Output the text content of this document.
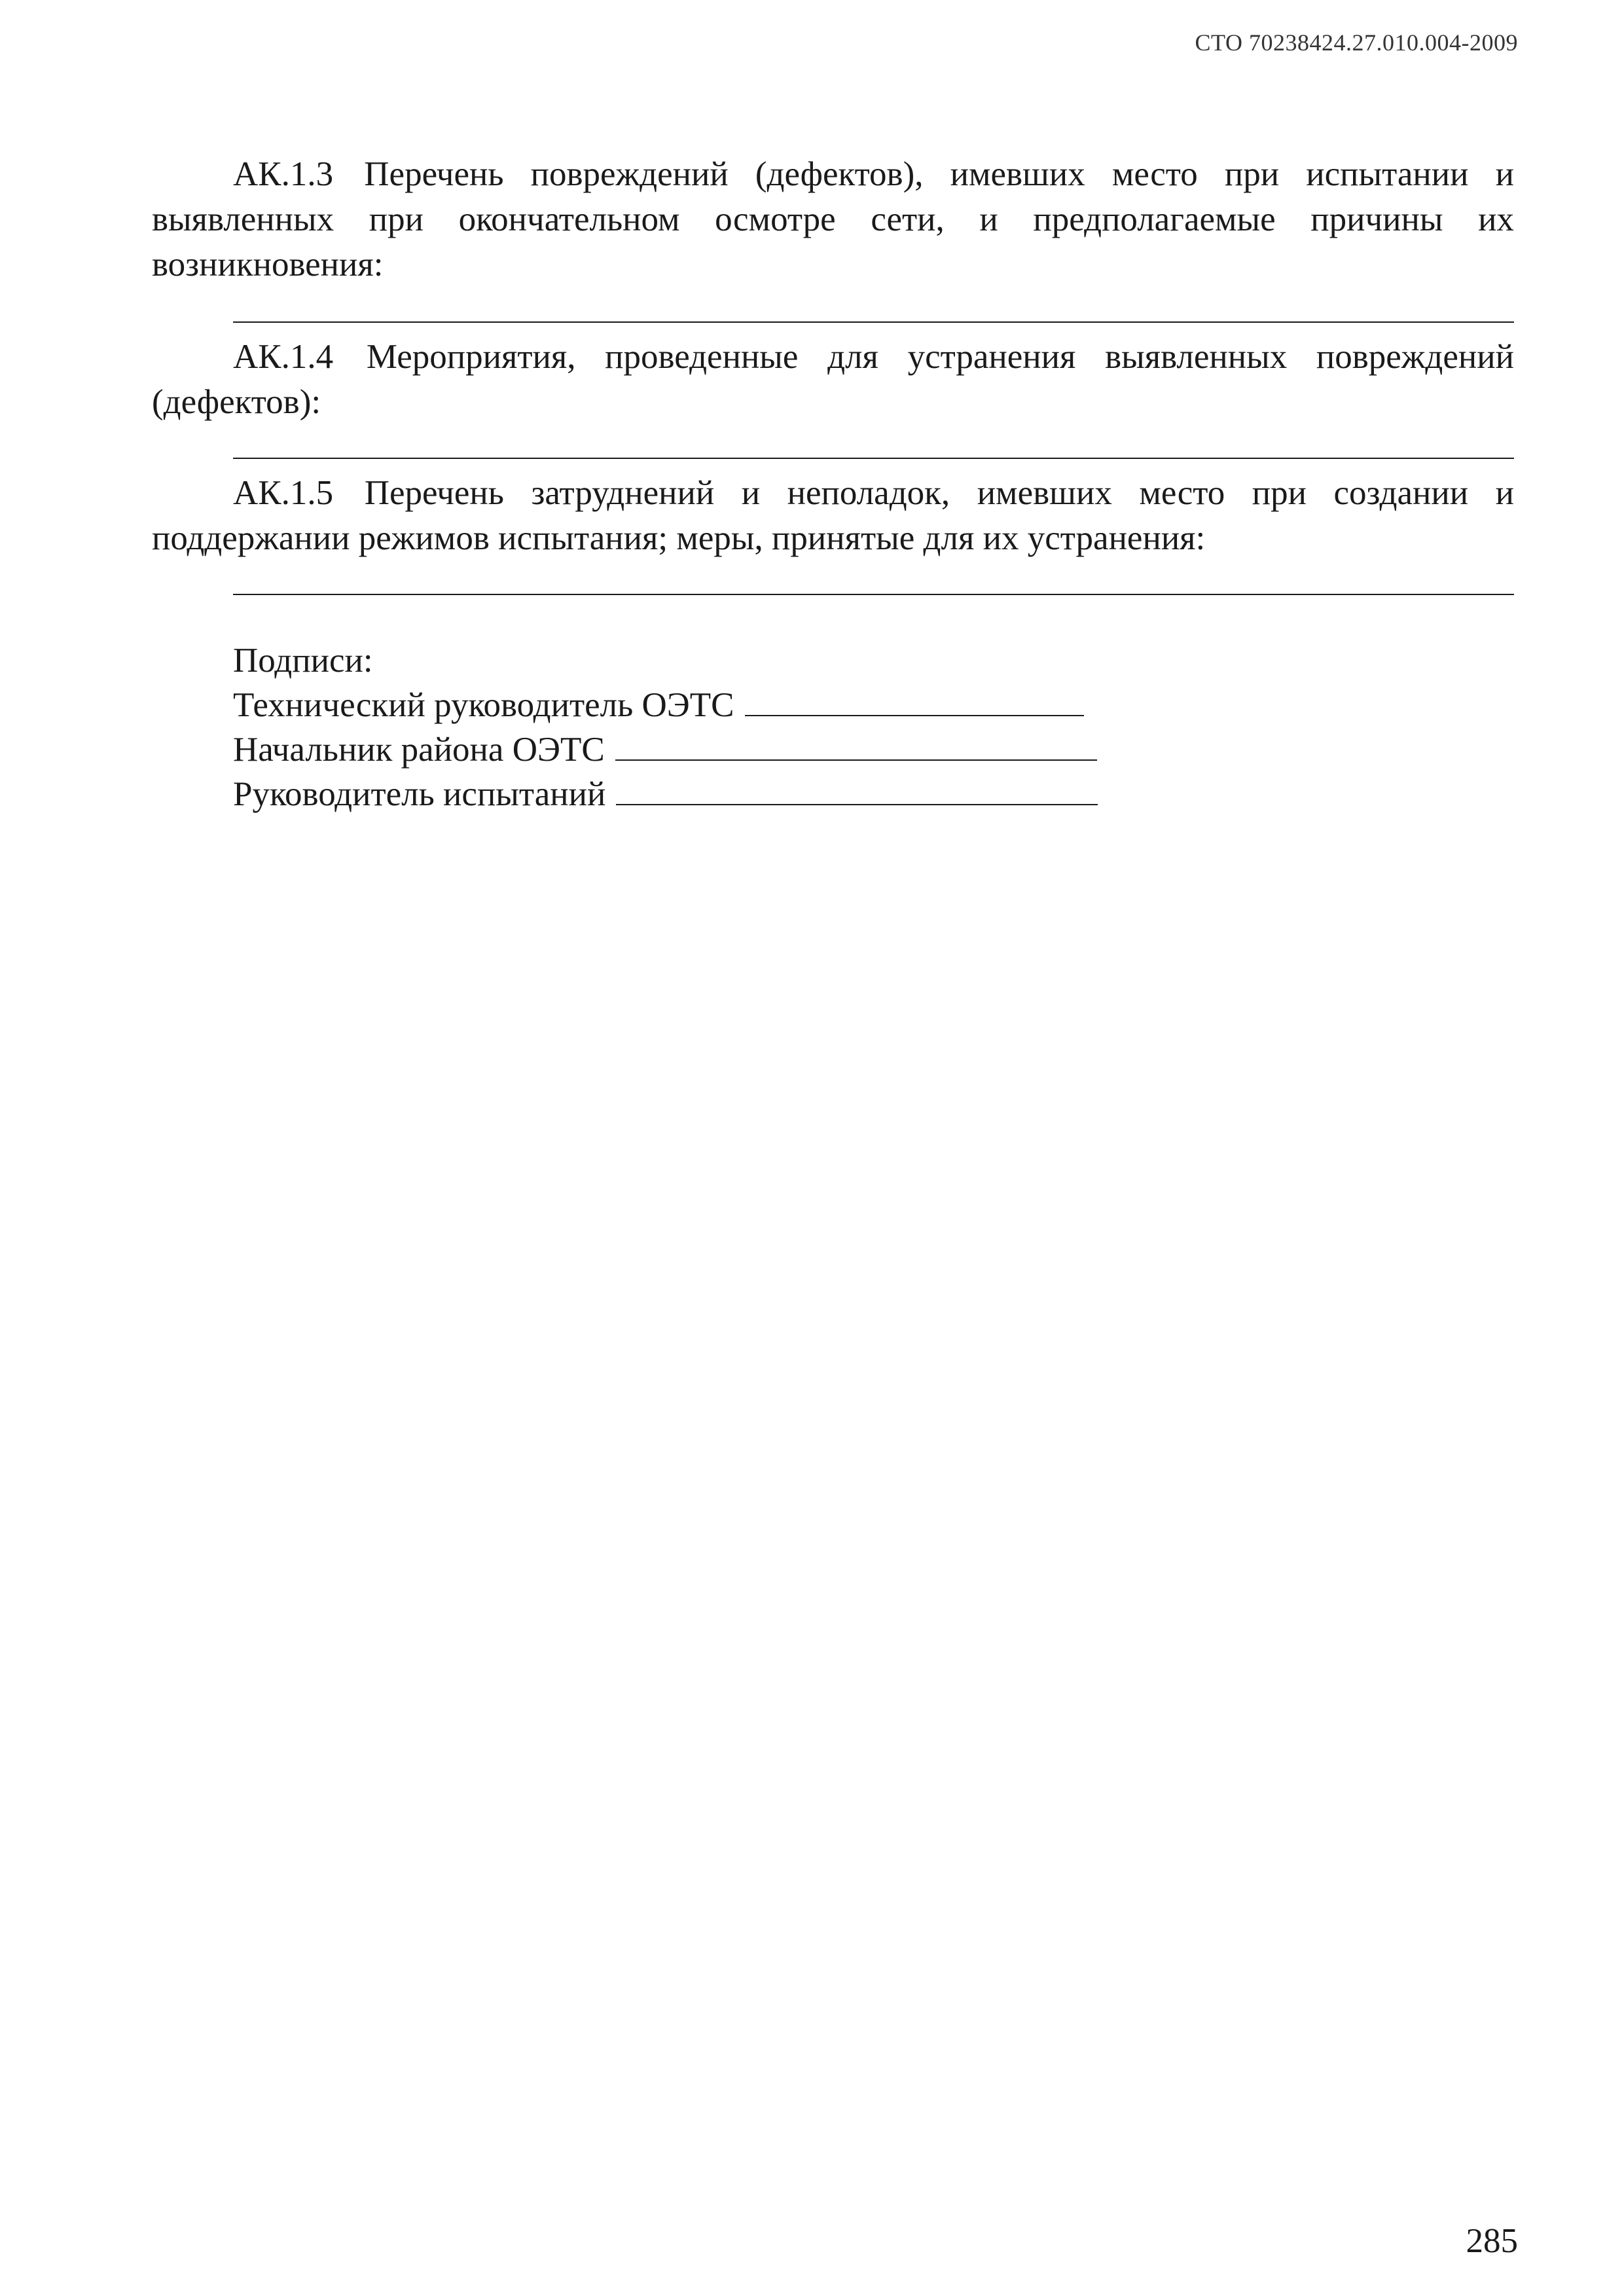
СТО 70238424.27.010.004-2009

АК.1.3 Перечень повреждений (дефектов), имевших место при испытании и выявленных при окончательном осмотре сети, и предполагаемые причины их возникновения:

АК.1.4 Мероприятия, проведенные для устранения выявленных повреждений (дефектов):

АК.1.5 Перечень затруднений и неполадок, имевших место при создании и поддержании режимов испытания; меры, принятые для их устранения:

Подписи:
Технический руководитель ОЭТС
Начальник района ОЭТС
Руководитель испытаний
285
